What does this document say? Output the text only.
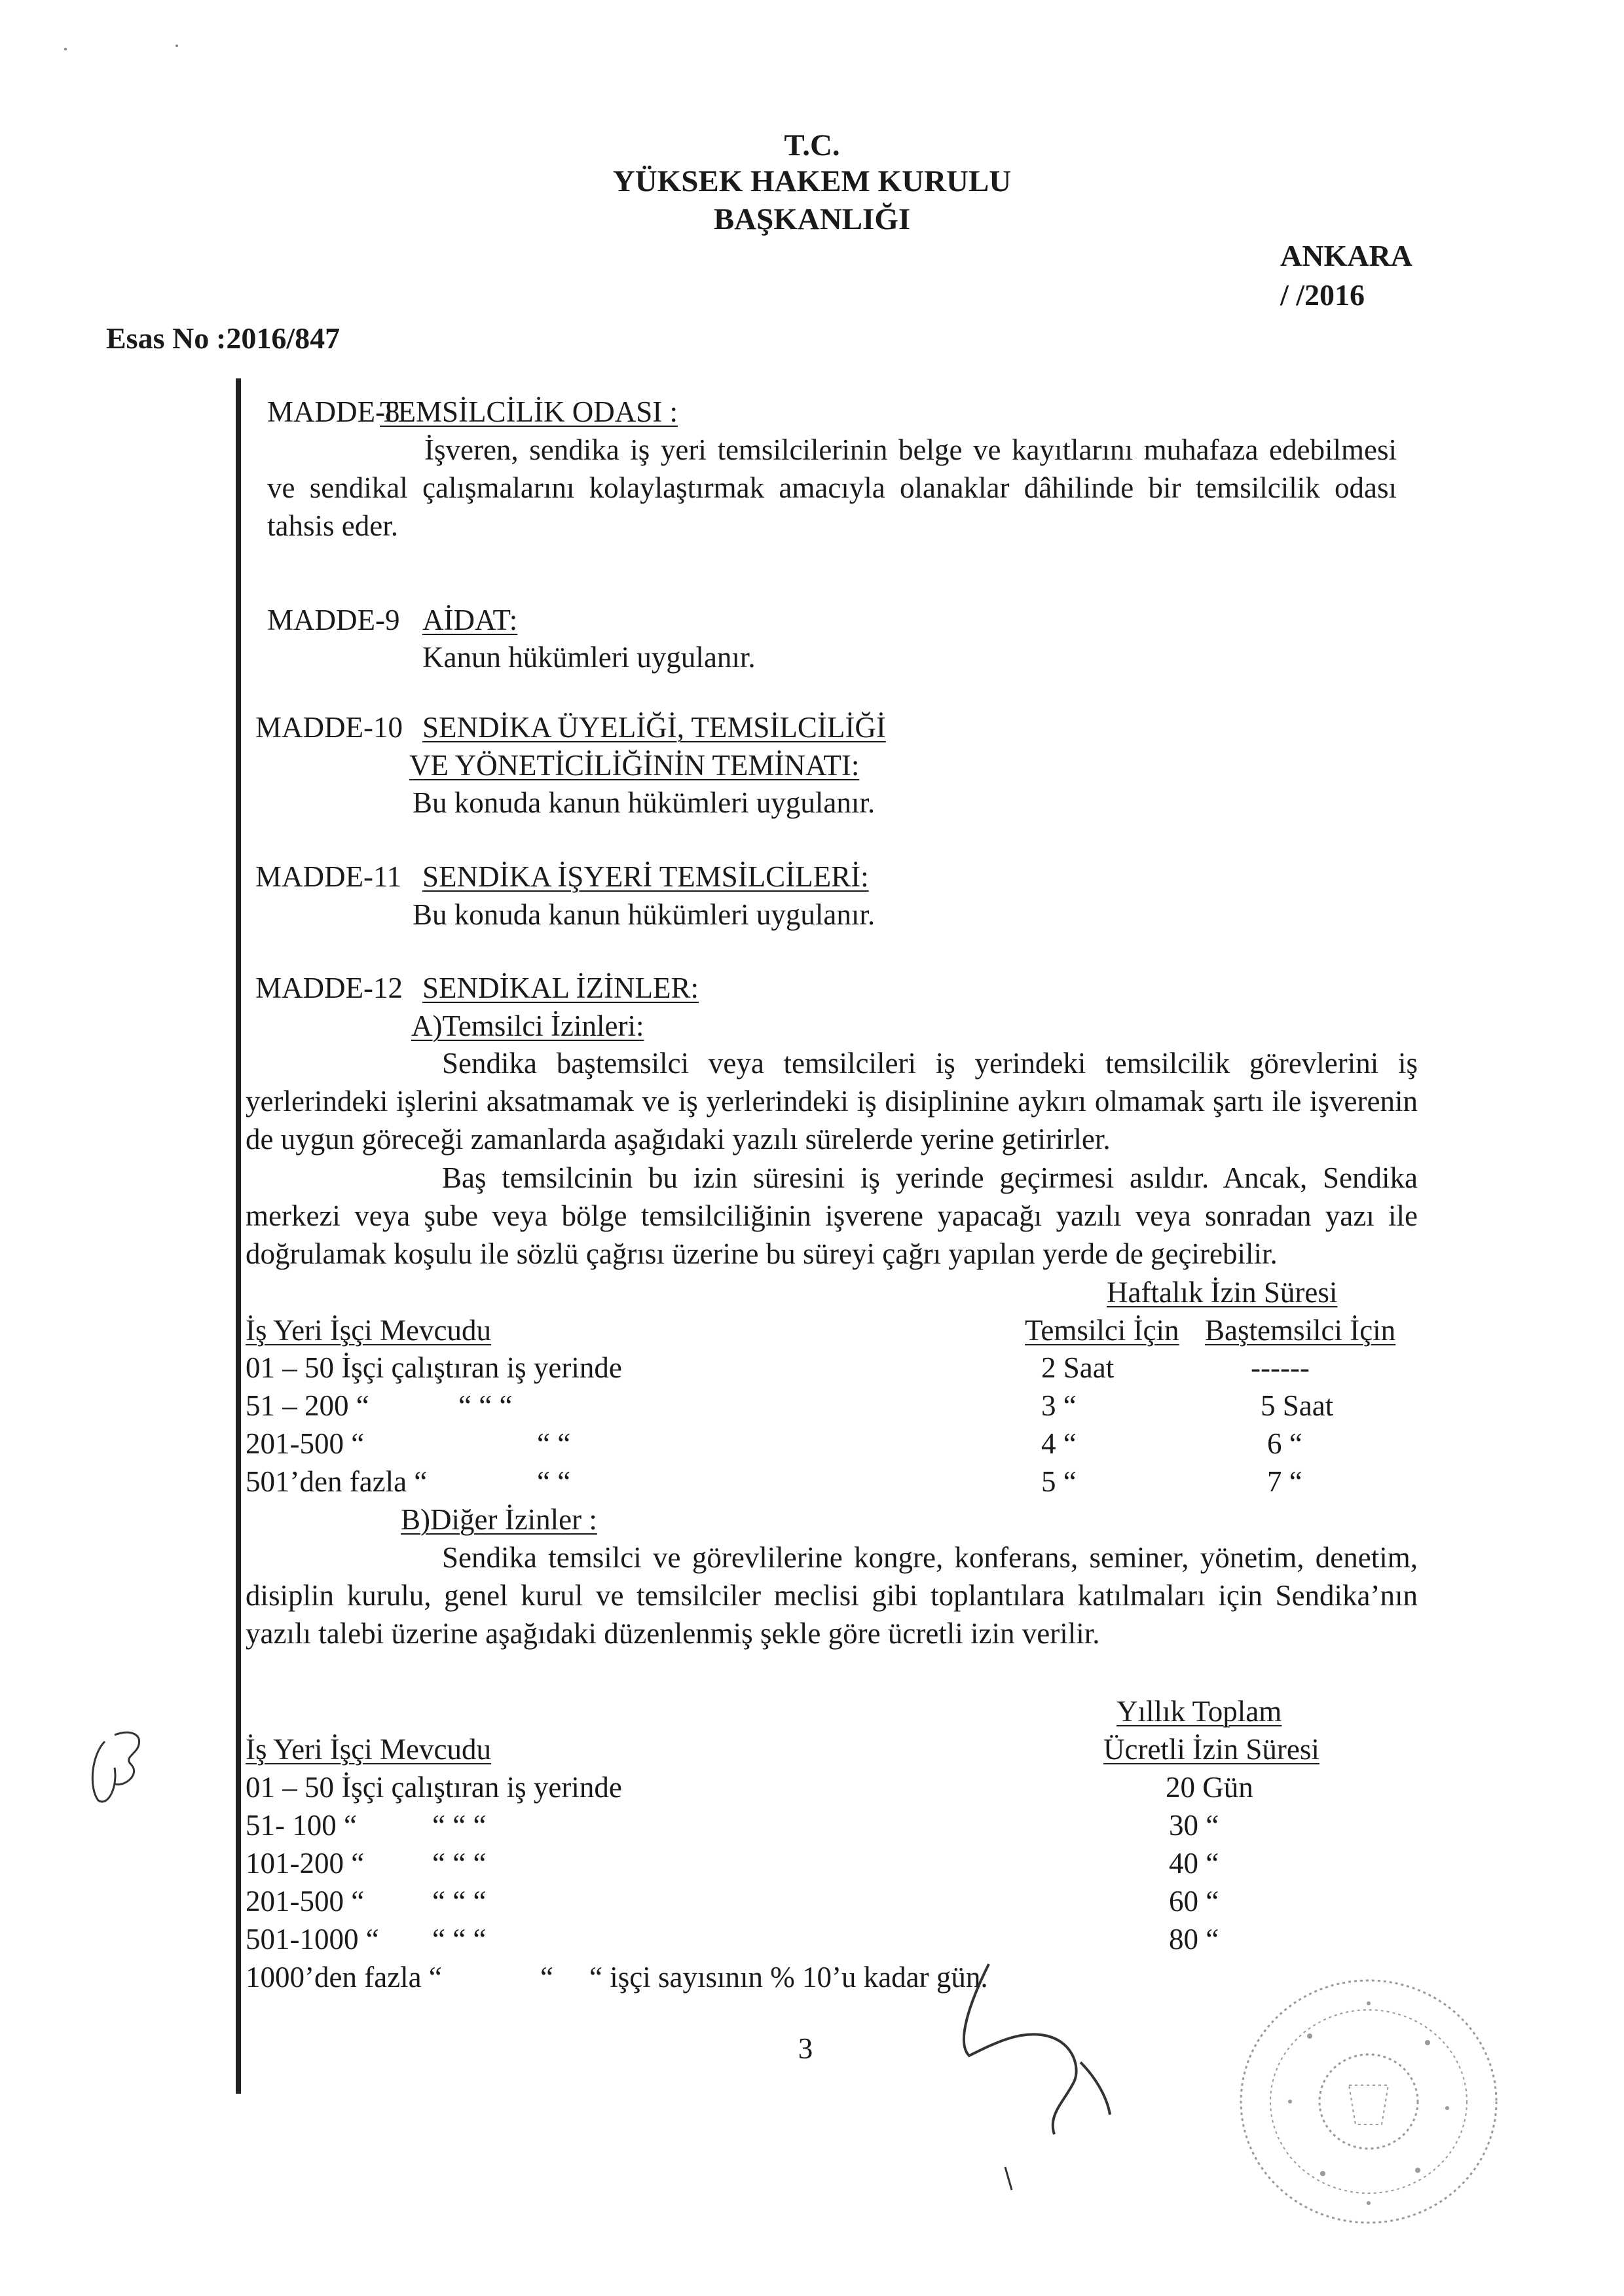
T.C.
YÜKSEK HAKEM KURULU
BAŞKANLIĞI
ANKARA
/ /2016
Esas No :2016/847
MADDE-8
TEMSİLCİLİK ODASI :
İşveren, sendika iş yeri temsilcilerinin belge ve kayıtlarını muhafaza edebilmesi ve sendikal çalışmalarını kolaylaştırmak amacıyla olanaklar dâhilinde bir temsilcilik odası tahsis eder.
MADDE-9 AİDAT:
Kanun hükümleri uygulanır.
MADDE-10 SENDİKA ÜYELİĞİ, TEMSİLCİLİĞİ
VE YÖNETİCİLİĞİNİN TEMİNATI:
Bu konuda kanun hükümleri uygulanır.
MADDE-11 SENDİKA İŞYERİ TEMSİLCİLERİ:
Bu konuda kanun hükümleri uygulanır.
MADDE-12 SENDİKAL İZİNLER:
A)Temsilci İzinleri:
Sendika baştemsilci veya temsilcileri iş yerindeki temsilcilik görevlerini iş yerlerindeki işlerini aksatmamak ve iş yerlerindeki iş disiplinine aykırı olmamak şartı ile işverenin de uygun göreceği zamanlarda aşağıdaki yazılı sürelerde yerine getirirler.
Baş temsilcinin bu izin süresini iş yerinde geçirmesi asıldır. Ancak, Sendika merkezi veya şube veya bölge temsilciliğinin işverene yapacağı yazılı veya sonradan yazı ile doğrulamak koşulu ile sözlü çağrısı üzerine bu süreyi çağrı yapılan yerde de geçirebilir.
Haftalık İzin Süresi
İş Yeri İşçi Mevcudu	Temsilci İçin Baştemsilci İçin
01 – 50 İşçi çalıştıran iş yerinde	2 Saat	------
51 – 200 “	“ “ “	3 “	5 Saat
201-500 “	“ “	4 “	6 “
501’den fazla “	“ “	5 “	7 “
B)Diğer İzinler :
Sendika temsilci ve görevlilerine kongre, konferans, seminer, yönetim, denetim, disiplin kurulu, genel kurul ve temsilciler meclisi gibi toplantılara katılmaları için Sendika’nın yazılı talebi üzerine aşağıdaki düzenlenmiş şekle göre ücretli izin verilir.
Yıllık Toplam
İş Yeri İşçi Mevcudu	Ücretli İzin Süresi
01 – 50 İşçi çalıştıran iş yerinde	20 Gün
51- 100 “	“ “ “	30 “
101-200 “ “ “ “	40 “
201-500 “ “ “ “	60 “
501-1000 “ “ “ “	80 “
1000’den fazla “	“ “ işçi sayısının % 10’u kadar gün.
3
